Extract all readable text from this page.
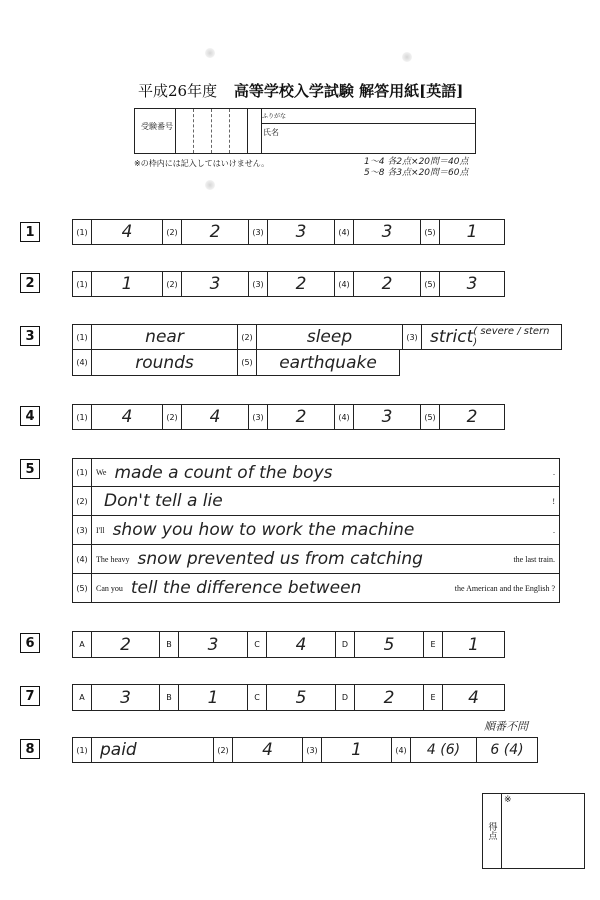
平成26年度 高等学校入学試験 解答用紙[英語]
受験番号
ふりがな
氏名
※の枠内には記入してはいけません。	1〜4 各2点×20問＝40点
5〜8 各3点×20問＝60点
1	(1)	4	(2)	2	(3)	3	(4)	3	(5)	1
2	(1)	1	(2)	3	(3)	2	(4)	2	(5)	3
3	(1)	near	(2)	sleep	(3) strict ( severe / stern )
(4)	rounds	(5)	earthquake
4	(1)	4	(2)	4	(3)	2	(4)	3	(5)	2
5	(1)	We made a count of the boys	.
(2) Don't tell a lie	!
(3)	I'll show you how to work the machine	.
(4)	The heavy snow prevented us from catching	the last train.
(5)	Can you tell the difference between	the American and the English ?
6	A	2	B	3	C	4	D	5	E	1
7	A	3	B	1	C	5	D	2	E	4
順番不問
8	(1) paid	(2)	4	(3)	1	(4)	4 (6)	6 (4)
得点
※
